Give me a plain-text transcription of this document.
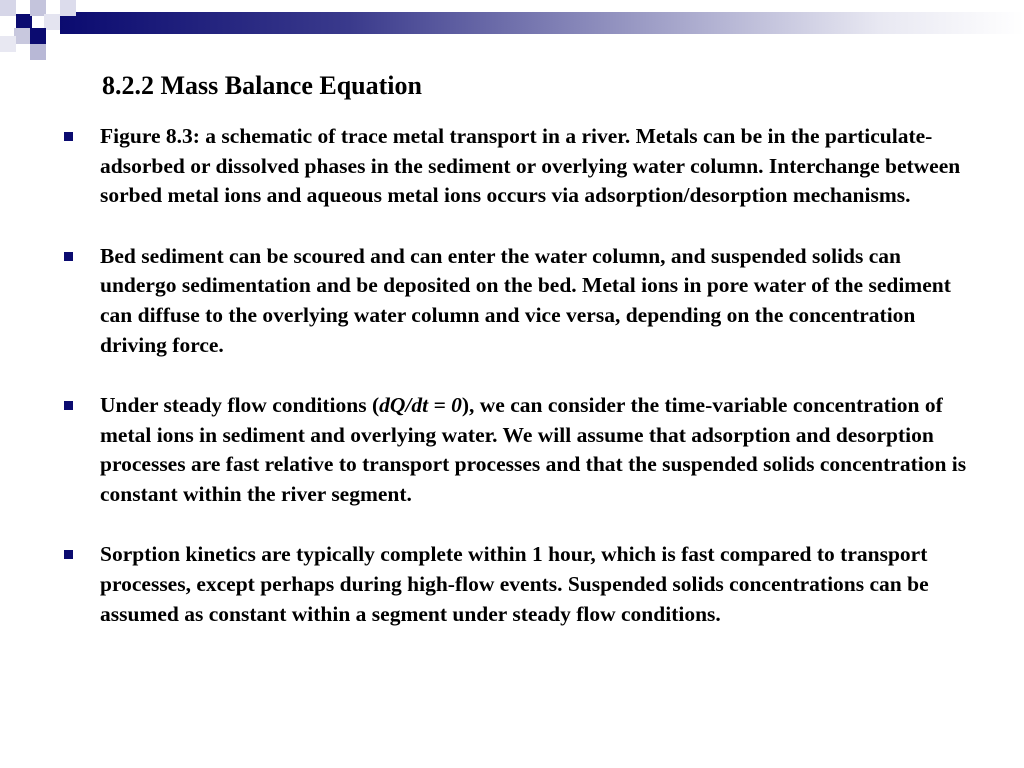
8.2.2 Mass Balance Equation
Figure 8.3: a schematic of trace metal transport in a river. Metals can be in the particulate-adsorbed or dissolved phases in the sediment or overlying water column. Interchange between sorbed metal ions and aqueous metal ions occurs via adsorption/desorption mechanisms.
Bed sediment can be scoured and can enter the water column, and suspended solids can undergo sedimentation and be deposited on the bed. Metal ions in pore water of the sediment can diffuse to the overlying water column and vice versa, depending on the concentration driving force.
Under steady flow conditions (dQ/dt = 0), we can consider the time-variable concentration of metal ions in sediment and overlying water. We will assume that adsorption and desorption processes are fast relative to transport processes and that the suspended solids concentration is constant within the river segment.
Sorption kinetics are typically complete within 1 hour, which is fast compared to transport processes, except perhaps during high-flow events. Suspended solids concentrations can be assumed as constant within a segment under steady flow conditions.
